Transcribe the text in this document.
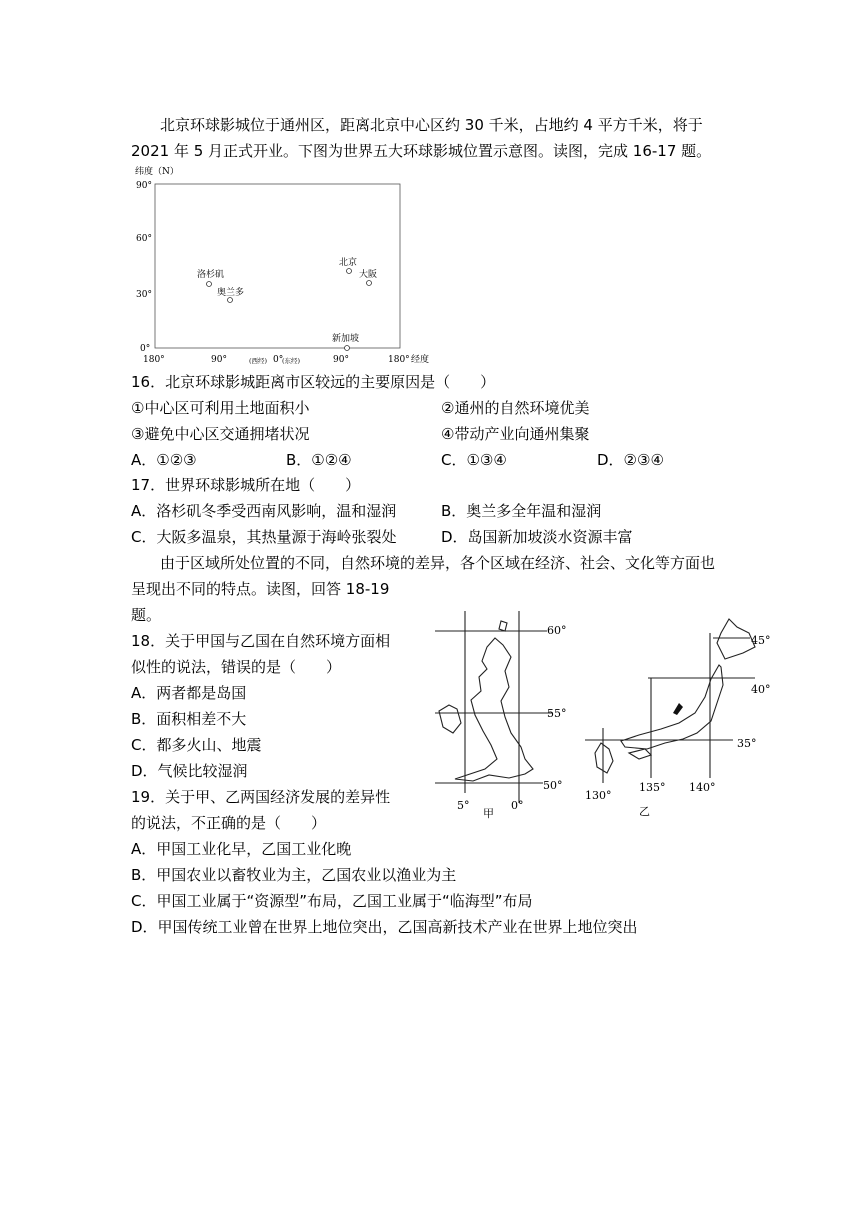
北京环球影城位于通州区，距离北京中心区约 30 千米，占地约 4 平方千米，将于
2021 年 5 月正式开业。下图为世界五大环球影城位置示意图。读图，完成 16-17 题。
纬度（N）
90°
60°
30°
0°
180°	90°	(西经) 0°
(东经)	90°	180° 经度
洛杉矶
奥兰多
北京
大阪
新加坡
16．北京环球影城距离市区较远的主要原因是（　　）
①中心区可利用土地面积小	②通州的自然环境优美
③避免中心区交通拥堵状况	④带动产业向通州集聚
A．①②③	B．①②④	C．①③④	D．②③④
17．世界环球影城所在地（　　）
A．洛杉矶冬季受西南风影响，温和湿润	B．奥兰多全年温和湿润
C．大阪多温泉，其热量源于海岭张裂处	D．岛国新加坡淡水资源丰富
由于区域所处位置的不同，自然环境的差异，各个区域在经济、社会、文化等方面也
呈现出不同的特点。读图，回答 18-19
题。
18．关于甲国与乙国在自然环境方面相
似性的说法，错误的是（　　）
A．两者都是岛国
B．面积相差不大
C．都多火山、地震
D．气候比较湿润
60°
55°
50°
5°	0°
甲
45°
40°
35°
130°
135° 140°
乙
19．关于甲、乙两国经济发展的差异性
的说法，不正确的是（　　）
A．甲国工业化早，乙国工业化晚
B．甲国农业以畜牧业为主，乙国农业以渔业为主
C．甲国工业属于“资源型”布局，乙国工业属于“临海型”布局
D．甲国传统工业曾在世界上地位突出，乙国高新技术产业在世界上地位突出
